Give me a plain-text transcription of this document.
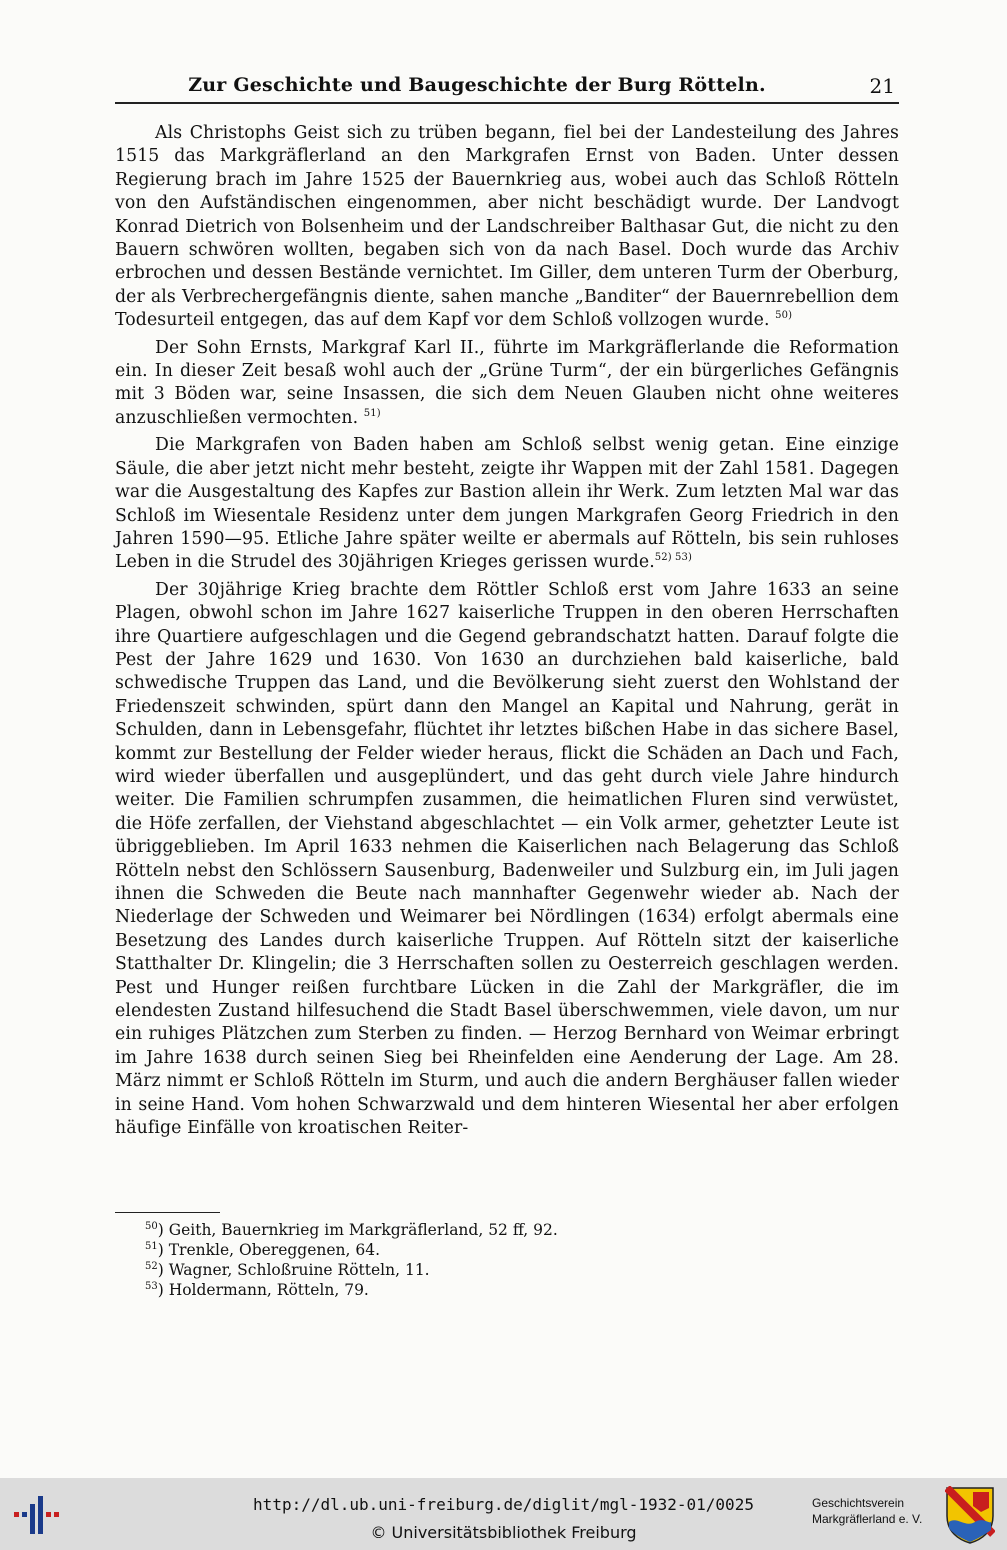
Zur Geschichte und Baugeschichte der Burg Rötteln.	21

Als Christophs Geist sich zu trüben begann, fiel bei der Landesteilung des Jahres 1515 das Markgräflerland an den Markgrafen Ernst von Baden. Unter dessen Regierung brach im Jahre 1525 der Bauernkrieg aus, wobei auch das Schloß Rötteln von den Aufständischen eingenommen, aber nicht beschädigt wurde. Der Landvogt Konrad Dietrich von Bolsenheim und der Landschreiber Balthasar Gut, die nicht zu den Bauern schwören wollten, begaben sich von da nach Basel. Doch wurde das Archiv erbrochen und dessen Bestände vernichtet. Im Giller, dem unteren Turm der Oberburg, der als Verbrechergefängnis diente, sahen manche „Banditer“ der Bauernrebellion dem Todesurteil entgegen, das auf dem Kapf vor dem Schloß vollzogen wurde. $^{50)}$

Der Sohn Ernsts, Markgraf Karl II., führte im Markgräflerlande die Reformation ein. In dieser Zeit besaß wohl auch der „Grüne Turm“, der ein bürgerliches Gefängnis mit 3 Böden war, seine Insassen, die sich dem Neuen Glauben nicht ohne weiteres anzuschließen vermochten. $^{51)}$

Die Markgrafen von Baden haben am Schloß selbst wenig getan. Eine einzige Säule, die aber jetzt nicht mehr besteht, zeigte ihr Wappen mit der Zahl 1581. Dagegen war die Ausgestaltung des Kapfes zur Bastion allein ihr Werk. Zum letzten Mal war das Schloß im Wiesentale Residenz unter dem jungen Markgrafen Georg Friedrich in den Jahren 1590—95. Etliche Jahre später weilte er abermals auf Rötteln, bis sein ruhloses Leben in die Strudel des 30jährigen Krieges gerissen wurde.$^{52) 53)}$

Der 30jährige Krieg brachte dem Röttler Schloß erst vom Jahre 1633 an seine Plagen, obwohl schon im Jahre 1627 kaiserliche Truppen in den oberen Herrschaften ihre Quartiere aufgeschlagen und die Gegend gebrandschatzt hatten. Darauf folgte die Pest der Jahre 1629 und 1630. Von 1630 an durchziehen bald kaiserliche, bald schwedische Truppen das Land, und die Bevölkerung sieht zuerst den Wohlstand der Friedenszeit schwinden, spürt dann den Mangel an Kapital und Nahrung, gerät in Schulden, dann in Lebensgefahr, flüchtet ihr letztes bißchen Habe in das sichere Basel, kommt zur Bestellung der Felder wieder heraus, flickt die Schäden an Dach und Fach, wird wieder überfallen und ausgeplündert, und das geht durch viele Jahre hindurch weiter. Die Familien schrumpfen zusammen, die heimatlichen Fluren sind verwüstet, die Höfe zerfallen, der Viehstand abgeschlachtet — ein Volk armer, gehetzter Leute ist übriggeblieben. Im April 1633 nehmen die Kaiserlichen nach Belagerung das Schloß Rötteln nebst den Schlössern Sausenburg, Badenweiler und Sulzburg ein, im Juli jagen ihnen die Schweden die Beute nach mannhafter Gegenwehr wieder ab. Nach der Niederlage der Schweden und Weimarer bei Nördlingen (1634) erfolgt abermals eine Besetzung des Landes durch kaiserliche Truppen. Auf Rötteln sitzt der kaiserliche Statthalter Dr. Klingelin; die 3 Herrschaften sollen zu Oesterreich geschlagen werden. Pest und Hunger reißen furchtbare Lücken in die Zahl der Markgräfler, die im elendesten Zustand hilfesuchend die Stadt Basel überschwemmen, viele davon, um nur ein ruhiges Plätzchen zum Sterben zu finden. — Herzog Bernhard von Weimar erbringt im Jahre 1638 durch seinen Sieg bei Rheinfelden eine Aenderung der Lage. Am 28. März nimmt er Schloß Rötteln im Sturm, und auch die andern Berghäuser fallen wieder in seine Hand. Vom hohen Schwarzwald und dem hinteren Wiesental her aber erfolgen häufige Einfälle von kroatischen Reiter-

$^{50}$) Geith, Bauernkrieg im Markgräflerland, 52 ff, 92.

$^{51}$) Trenkle, Obereggenen, 64.

$^{52}$) Wagner, Schloßruine Rötteln, 11.

$^{53}$) Holdermann, Rötteln, 79.

http://dl.ub.uni-freiburg.de/diglit/mgl-1932-01/0025
© Universitätsbibliothek Freiburg
Geschichtsverein
Markgräflerland e. V.
